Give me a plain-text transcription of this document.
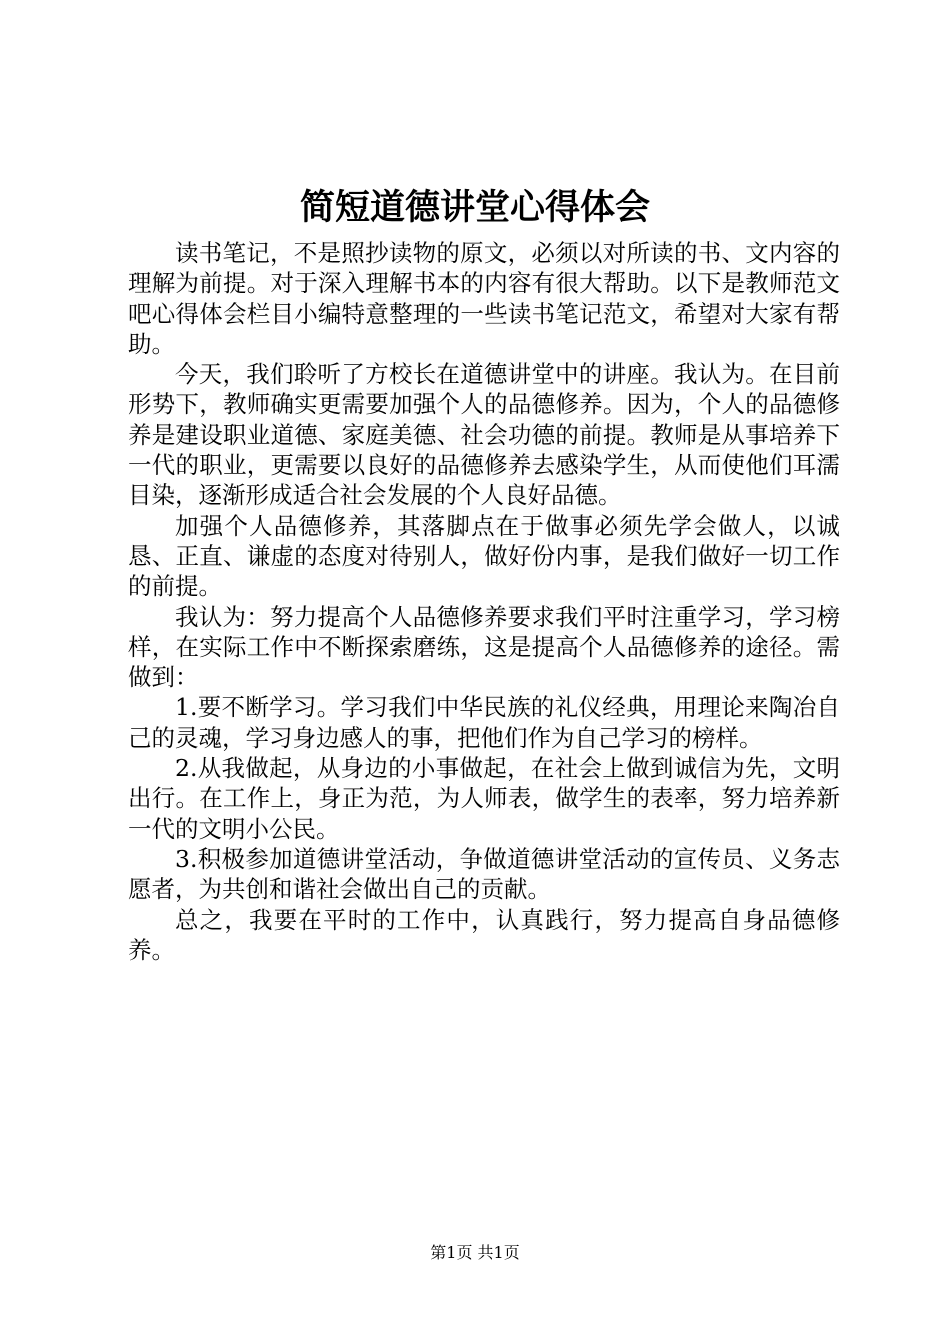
简短道德讲堂心得体会

读书笔记，不是照抄读物的原文，必须以对所读的书、文内容的理解为前提。对于深入理解书本的内容有很大帮助。以下是教师范文吧心得体会栏目小编特意整理的一些读书笔记范文，希望对大家有帮助。

今天，我们聆听了方校长在道德讲堂中的讲座。我认为。在目前形势下，教师确实更需要加强个人的品德修养。因为，个人的品德修养是建设职业道德、家庭美德、社会功德的前提。教师是从事培养下一代的职业，更需要以良好的品德修养去感染学生，从而使他们耳濡目染，逐渐形成适合社会发展的个人良好品德。

加强个人品德修养，其落脚点在于做事必须先学会做人，以诚恳、正直、谦虚的态度对待别人，做好份内事，是我们做好一切工作的前提。

我认为：努力提高个人品德修养要求我们平时注重学习，学习榜样，在实际工作中不断探索磨练，这是提高个人品德修养的途径。需做到：

1.要不断学习。学习我们中华民族的礼仪经典，用理论来陶冶自己的灵魂，学习身边感人的事，把他们作为自己学习的榜样。

2.从我做起，从身边的小事做起，在社会上做到诚信为先，文明出行。在工作上，身正为范，为人师表，做学生的表率，努力培养新一代的文明小公民。

3.积极参加道德讲堂活动，争做道德讲堂活动的宣传员、义务志愿者，为共创和谐社会做出自己的贡献。

总之，我要在平时的工作中，认真践行，努力提高自身品德修养。

第1页 共1页
